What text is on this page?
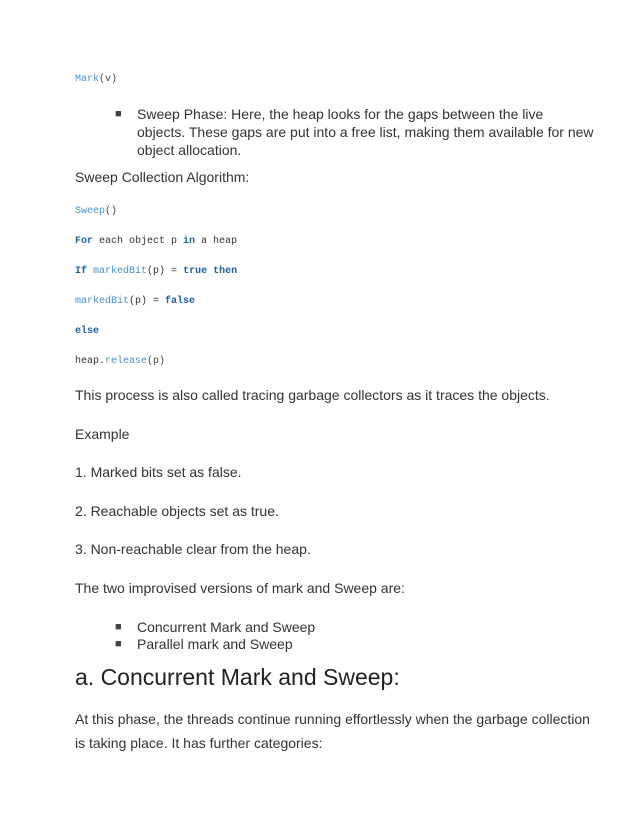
Mark(v)
■ Sweep Phase: Here, the heap looks for the gaps between the live
objects. These gaps are put into a free list, making them available for new
object allocation.
Sweep Collection Algorithm:
Sweep()
For each object p in a heap
If markedBit(p) = true then
markedBit(p) = false
else
heap.release(p)
This process is also called tracing garbage collectors as it traces the objects.
Example
1. Marked bits set as false.
2. Reachable objects set as true.
3. Non-reachable clear from the heap.
The two improvised versions of mark and Sweep are:
■ Concurrent Mark and Sweep
■ Parallel mark and Sweep
a. Concurrent Mark and Sweep:
At this phase, the threads continue running effortlessly when the garbage collection
is taking place. It has further categories:
